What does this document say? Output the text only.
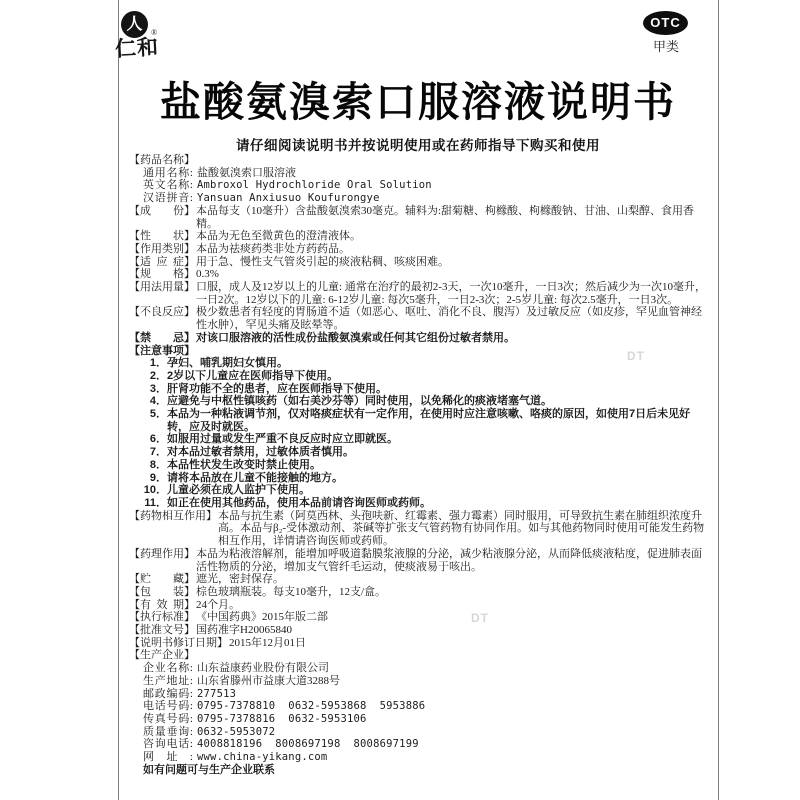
人	®
仁和
OTC
甲类
盐酸氨溴索口服溶液说明书
请仔细阅读说明书并按说明使用或在药师指导下购买和使用
DT
DT
【药品名称】
通用名称: 盐酸氨溴索口服溶液
英文名称: Ambroxol Hydrochloride Oral Solution
汉语拼音: Yansuan Anxiusuo Koufurongye
【成份】 本品每支（10毫升）含盐酸氨溴索30毫克。辅料为:甜菊糖、枸橼酸、枸橼酸钠、甘油、山梨醇、食用香精。
【性状】 本品为无色至微黄色的澄清液体。
【作用类别】 本品为祛痰药类非处方药药品。
【适应症】 用于急、慢性支气管炎引起的痰液粘稠、咳痰困难。
【规格】 0.3%
【用法用量】 口服，成人及12岁以上的儿童: 通常在治疗的最初2-3天，一次10毫升，一日3次；然后减少为一次10毫升，一日2次。12岁以下的儿童: 6-12岁儿童: 每次5毫升，一日2-3次；2-5岁儿童: 每次2.5毫升，一日3次。
【不良反应】 极少数患者有轻度的胃肠道不适（如恶心、呕吐、消化不良、腹泻）及过敏反应（如皮疹，罕见血管神经性水肿），罕见头痛及眩晕等。
【禁忌】 对该口服溶液的活性成份盐酸氨溴索或任何其它组份过敏者禁用。
【注意事项】
1．孕妇、哺乳期妇女慎用。
2．2岁以下儿童应在医师指导下使用。
3．肝肾功能不全的患者，应在医师指导下使用。
4．应避免与中枢性镇咳药（如右美沙芬等）同时使用，以免稀化的痰液堵塞气道。
5．本品为一种粘液调节剂，仅对咯痰症状有一定作用，在使用时应注意咳嗽、咯痰的原因，如使用7日后未见好转，应及时就医。
6．如服用过量或发生严重不良反应时应立即就医。
7．对本品过敏者禁用，过敏体质者慎用。
8．本品性状发生改变时禁止使用。
9．请将本品放在儿童不能接触的地方。
10．儿童必须在成人监护下使用。
11．如正在使用其他药品，使用本品前请咨询医师或药师。
【药物相互作用】 本品与抗生素（阿莫西林、头孢呋新、红霉素、强力霉素）同时服用，可导致抗生素在肺组织浓度升高。本品与β₂-受体激动剂、茶碱等扩张支气管药物有协同作用。如与其他药物同时使用可能发生药物相互作用，详情请咨询医师或药师。
【药理作用】 本品为粘液溶解剂，能增加呼吸道黏膜浆液腺的分泌，减少粘液腺分泌，从而降低痰液粘度，促进肺表面活性物质的分泌，增加支气管纤毛运动，使痰液易于咳出。
【贮藏】 遮光，密封保存。
【包装】 棕色玻璃瓶装。每支10毫升，12支/盒。
【有效期】 24个月。
【执行标准】 《中国药典》2015年版二部
【批准文号】 国药准字H20065840
【说明书修订日期】 2015年12月01日
【生产企业】
企业名称: 山东益康药业股份有限公司
生产地址: 山东省滕州市益康大道3288号
邮政编码: 277513
电话号码: 0795-7378810  0632-5953868  5953886
传真号码: 0795-7378816  0632-5953106
质量垂询: 0632-5953072
咨询电话: 4008818196  8008697198  8008697199
网址: www.china-yikang.com
如有问题可与生产企业联系
